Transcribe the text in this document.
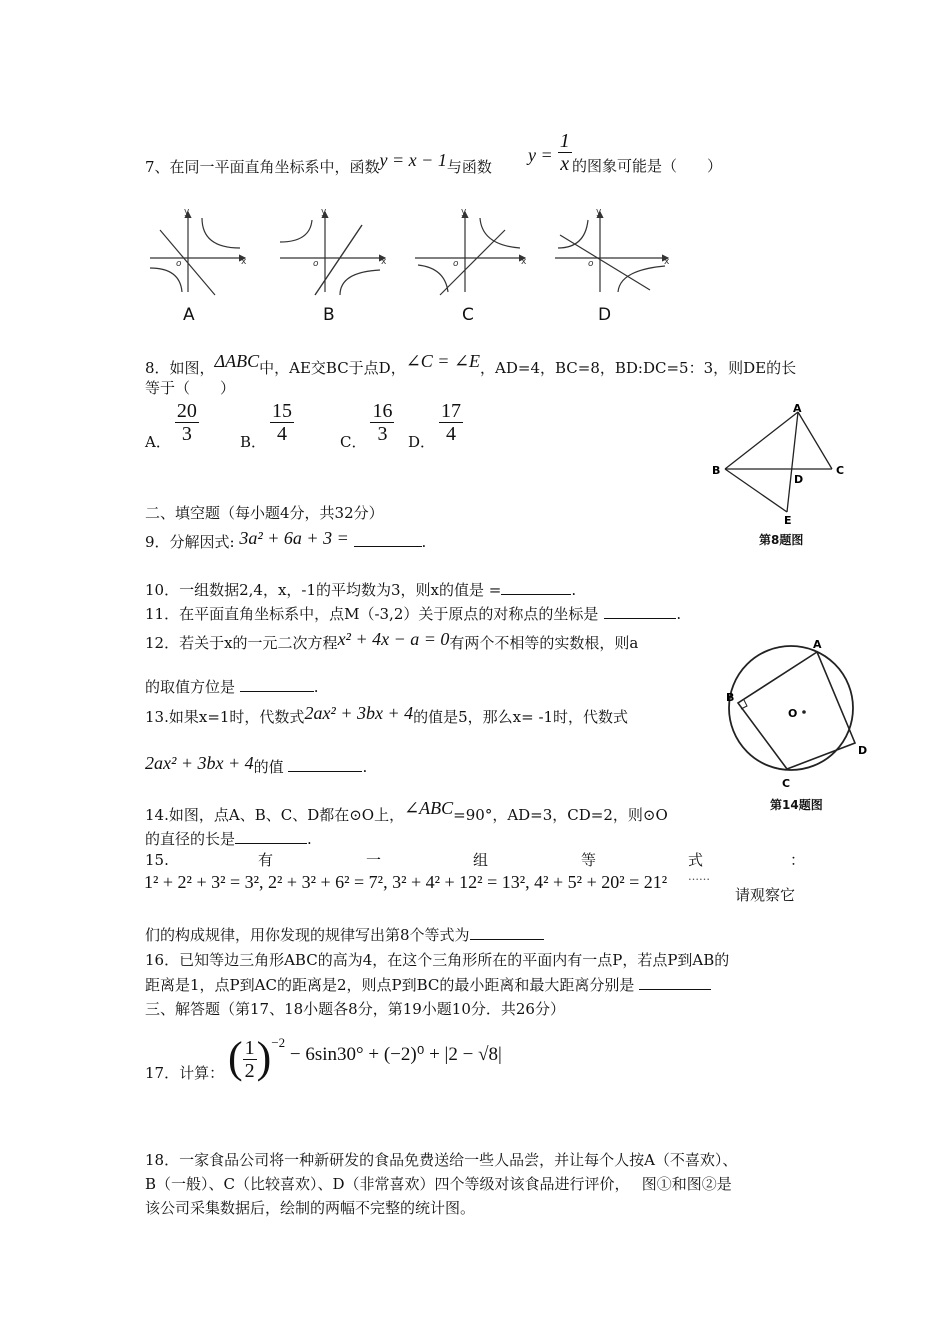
7、在同一平面直角坐标系中，函数y = x − 1与函数
$y = \frac{1}{x}$ 的图象可能是（　　）
y
x
o
y
x
o
y
x
o
y
x
o
A	B	C	D
8．如图，ΔABC中，AE交BC于点D，∠C = ∠E，AD=4，BC=8，BD:DC=5：3，则DE的长
等于（　　）
A． $\frac{20}{3}$	B． $\frac{15}{4}$	C． $\frac{16}{3}$ D． $\frac{17}{4}$	A
B	C
D
E
第8题图
二、填空题（每小题4分，共32分）
9．分解因式: 3a² + 6a + 3 =	.
10．一组数据2,4，x，-1的平均数为3，则x的值是 =	.
11．在平面直角坐标系中，点M（-3,2）关于原点的对称点的坐标是	.
12．若关于x的一元二次方程x² + 4x − a = 0有两个不相等的实数根，则a
的取值方位是	.
13.如果x=1时，代数式2ax² + 3bx + 4的值是5，那么x= -1时，代数式
2ax² + 3bx + 4的值	.
A
B
C
D
O
第14题图
14.如图，点A、B、C、D都在⊙O上，∠ABC=90°，AD=3，CD=2，则⊙O
的直径的长是	.
15.	有	一	组	等	式	：
1² + 2² + 3² = 3², 2² + 3² + 6² = 7², 3² + 4² + 12² = 13², 4² + 5² + 20² = 21² ……
请观察它
们的构成规律，用你发现的规律写出第8个等式为
16．已知等边三角形ABC的高为4，在这个三角形所在的平面内有一点P，若点P到AB的
距离是1，点P到AC的距离是2，则点P到BC的最小距离和最大距离分别是
三、解答题（第17、18小题各8分，第19小题10分．共26分）
17．计算： ( $\frac{1}{2} )^{-2} - 6\sin 30^\circ + (-2)^0 + |2 - √8|$
18．一家食品公司将一种新研发的食品免费送给一些人品尝，并让每个人按A（不喜欢）、
B（一般）、C（比较喜欢）、D（非常喜欢）四个等级对该食品进行评价，　 图①和图②是
该公司采集数据后，绘制的两幅不完整的统计图。
